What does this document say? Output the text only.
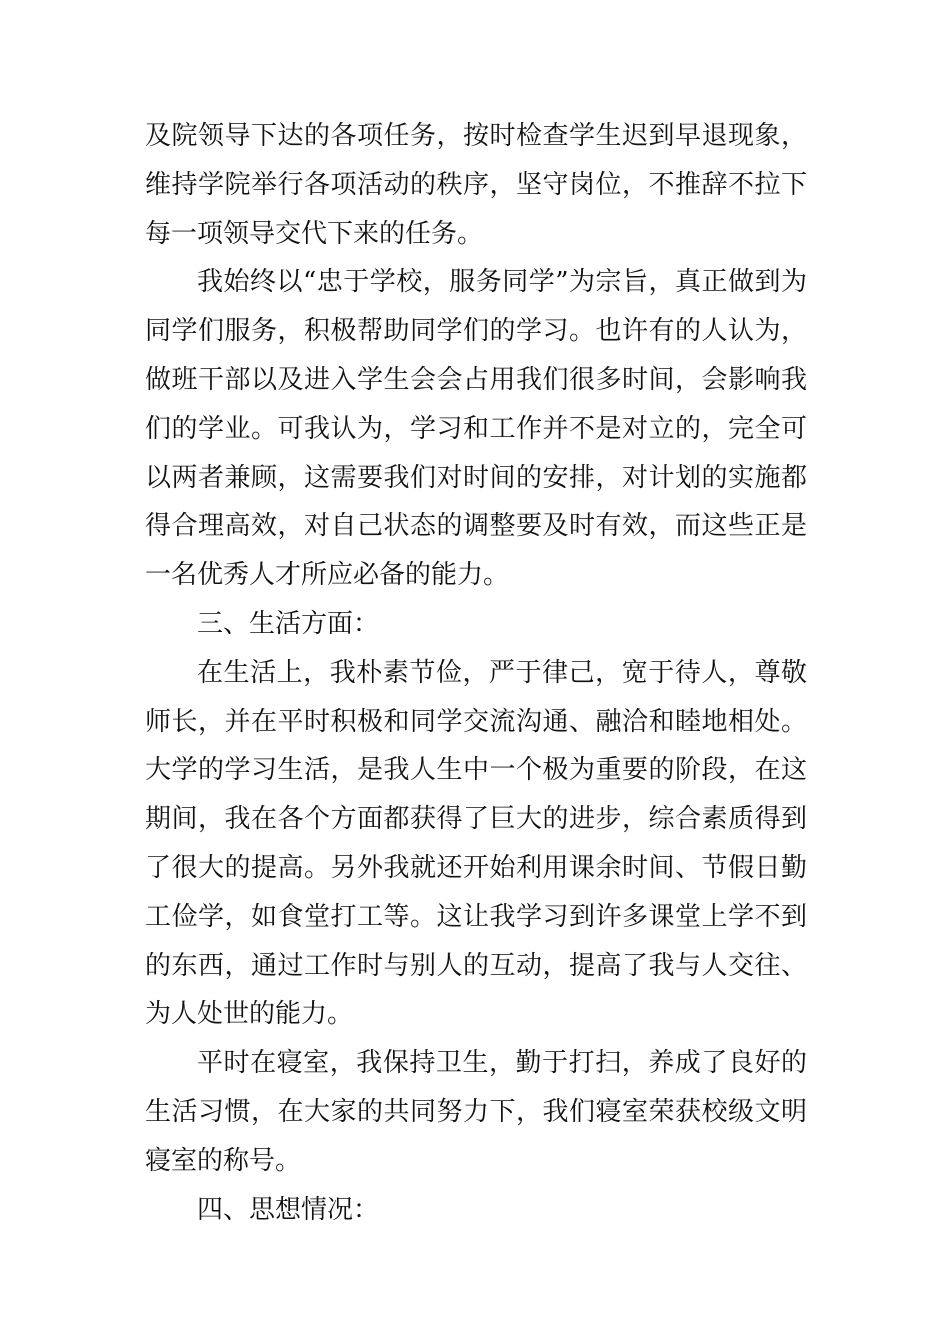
及院领导下达的各项任务，按时检查学生迟到早退现象，维持学院举行各项活动的秩序，坚守岗位，不推辞不拉下每一项领导交代下来的任务。

我始终以“忠于学校，服务同学”为宗旨，真正做到为同学们服务，积极帮助同学们的学习。也许有的人认为，做班干部以及进入学生会会占用我们很多时间，会影响我们的学业。可我认为，学习和工作并不是对立的，完全可以两者兼顾，这需要我们对时间的安排，对计划的实施都得合理高效，对自己状态的调整要及时有效，而这些正是一名优秀人才所应必备的能力。

三、生活方面：

在生活上，我朴素节俭，严于律己，宽于待人，尊敬师长，并在平时积极和同学交流沟通、融洽和睦地相处。大学的学习生活，是我人生中一个极为重要的阶段，在这期间，我在各个方面都获得了巨大的进步，综合素质得到了很大的提高。另外我就还开始利用课余时间、节假日勤工俭学，如食堂打工等。这让我学习到许多课堂上学不到的东西，通过工作时与别人的互动，提高了我与人交往、为人处世的能力。

平时在寝室，我保持卫生，勤于打扫，养成了良好的生活习惯，在大家的共同努力下，我们寝室荣获校级文明寝室的称号。

四、思想情况：
